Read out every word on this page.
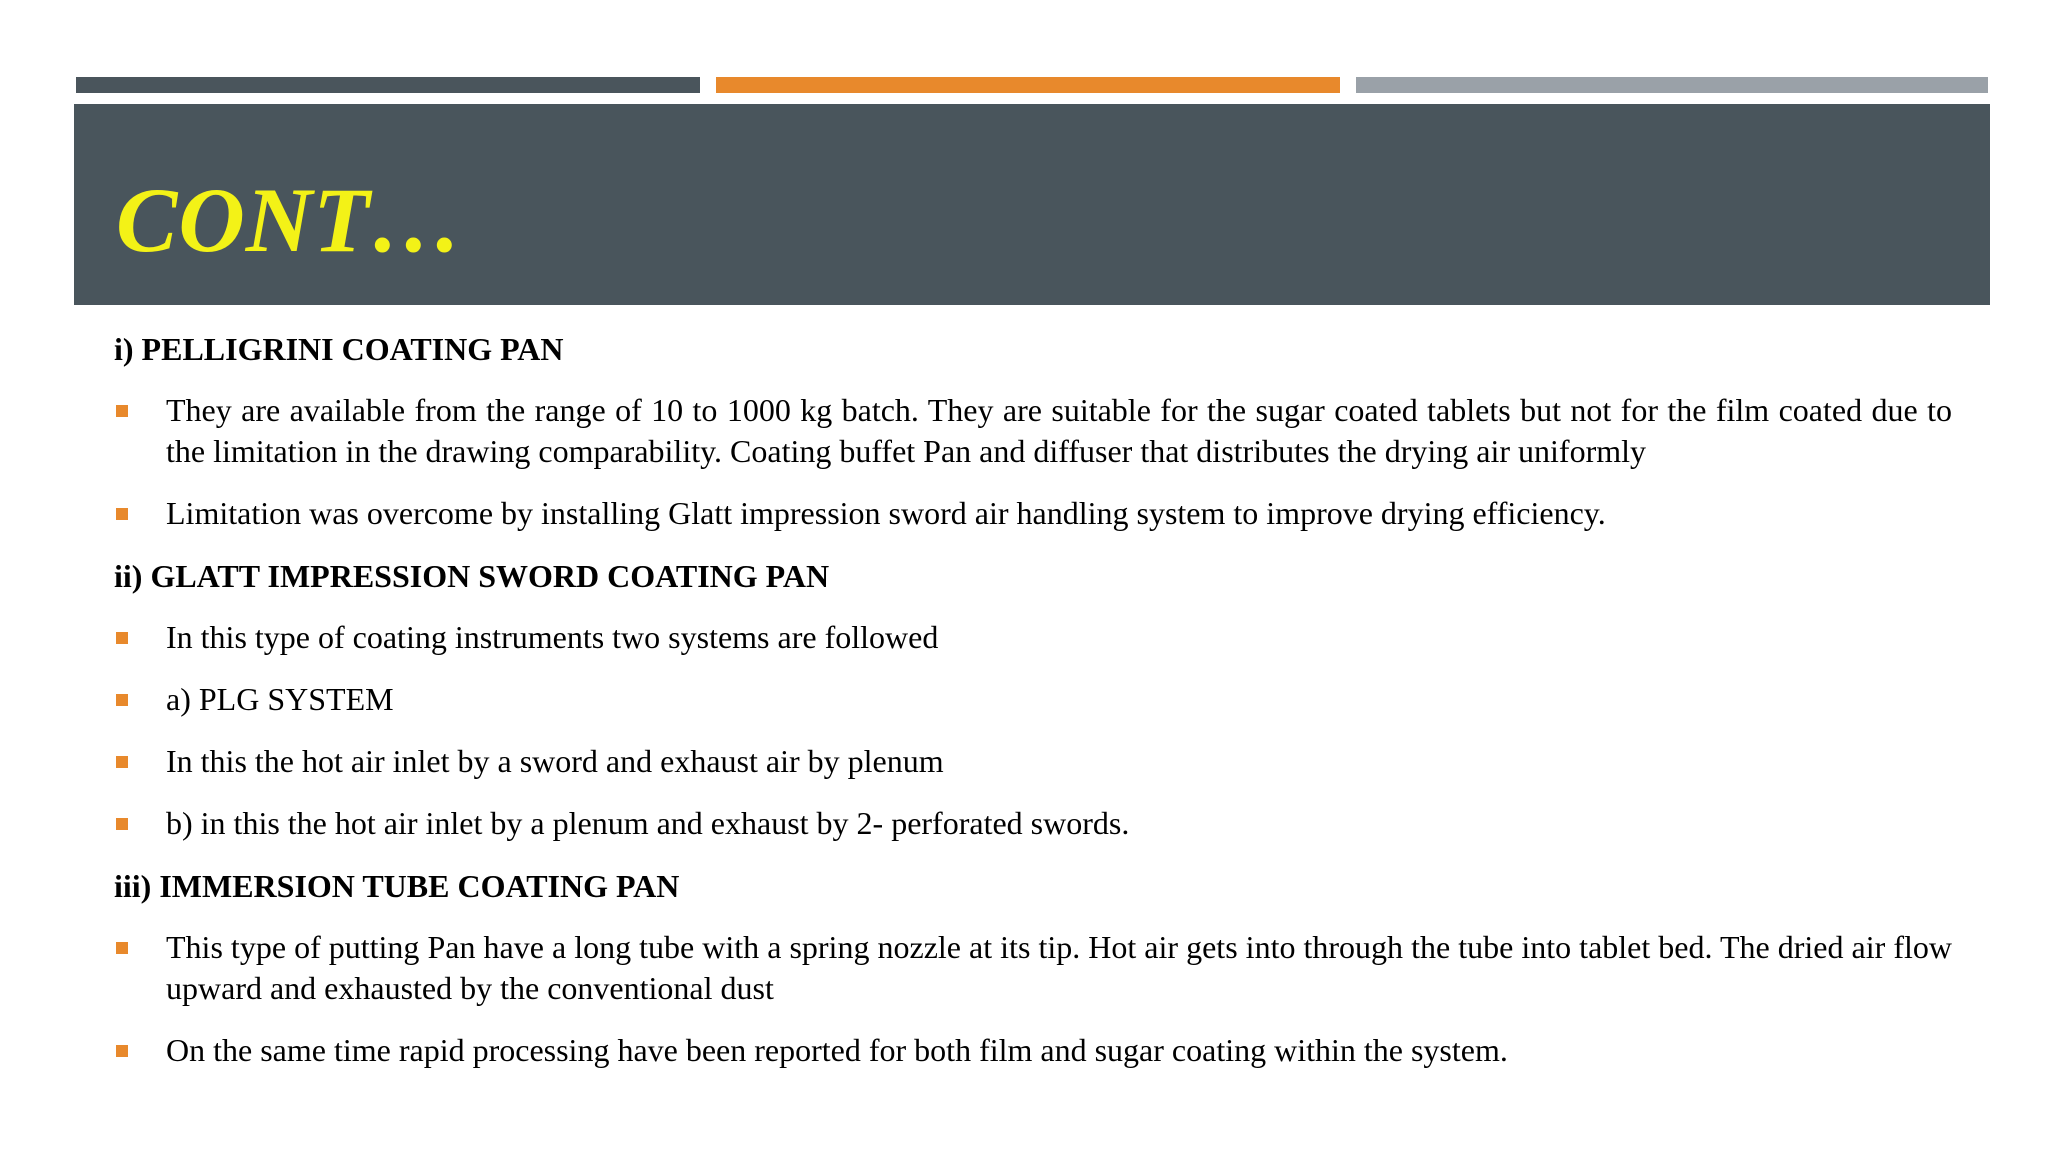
CONT…
i) PELLIGRINI COATING PAN
They are available from the range of 10 to 1000 kg batch. They are suitable for the sugar coated tablets but not for the film coated due to the limitation in the drawing comparability. Coating buffet Pan and diffuser that distributes the drying air uniformly
Limitation was overcome by installing Glatt impression sword air handling system to improve drying efficiency.
ii) GLATT IMPRESSION SWORD COATING PAN
In this type of coating instruments two systems are followed
a) PLG SYSTEM
In this the hot air inlet by a sword and exhaust air by plenum
b) in this the hot air inlet by a plenum and exhaust by 2- perforated swords.
iii) IMMERSION TUBE COATING PAN
This type of putting Pan have a long tube with a spring nozzle at its tip. Hot air gets into through the tube into tablet bed. The dried air flow upward and exhausted by the conventional dust
On the same time rapid processing have been reported for both film and sugar coating within the system.
